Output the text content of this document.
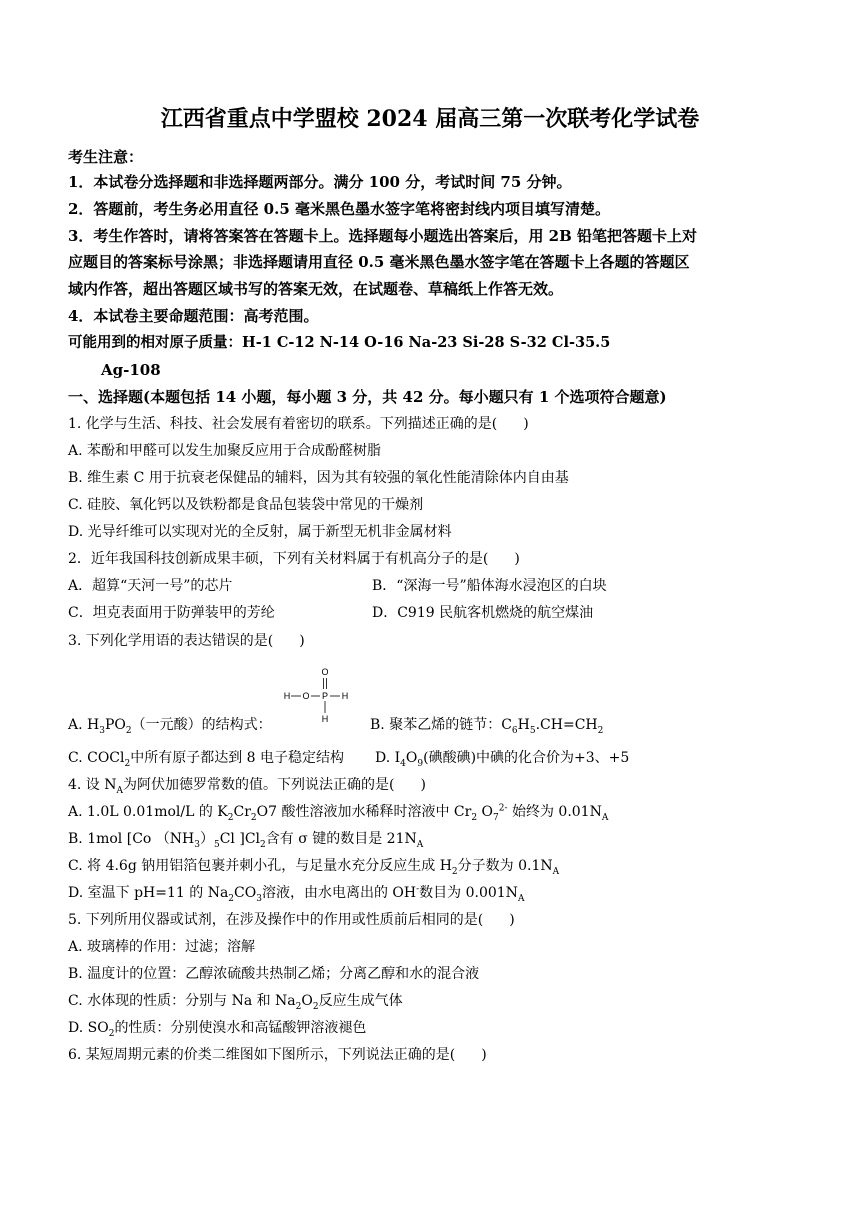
江西省重点中学盟校 2024 届高三第一次联考化学试卷
考生注意：
1．本试卷分选择题和非选择题两部分。满分 100 分，考试时间 75 分钟。
2．答题前，考生务必用直径 0.5 毫米黑色墨水签字笔将密封线内项目填写清楚。
3．考生作答时，请将答案答在答题卡上。选择题每小题选出答案后，用 2B 铅笔把答题卡上对
应题目的答案标号涂黑；非选择题请用直径 0.5 毫米黑色墨水签字笔在答题卡上各题的答题区
域内作答，超出答题区域书写的答案无效，在试题卷、草稿纸上作答无效。
4．本试卷主要命题范围：高考范围。
可能用到的相对原子质量：H-1 C-12 N-14 O-16 Na-23 Si-28 S-32 Cl-35.5
Ag-108
一、选择题(本题包括 14 小题，每小题 3 分，共 42 分。每小题只有 1 个选项符合题意)
1. 化学与生活、科技、社会发展有着密切的联系。下列描述正确的是( )
A. 苯酚和甲醛可以发生加聚反应用于合成酚醛树脂
B. 维生素 C 用于抗衰老保健品的辅料，因为其有较强的氧化性能清除体内自由基
C. 硅胶、氧化钙以及铁粉都是食品包装袋中常见的干燥剂
D. 光导纤维可以实现对光的全反射，属于新型无机非金属材料
2．近年我国科技创新成果丰硕，下列有关材料属于有机高分子的是( )
A．超算“天河一号”的芯片	B．“深海一号”船体海水浸泡区的白块
C．坦克表面用于防弹装甲的芳纶	D．C919 民航客机燃烧的航空煤油
3. 下列化学用语的表达错误的是( )
O
H O P H
H
A. $H_3PO_2$（一元酸）的结构式：	B. 聚苯乙烯的链节：$C_6H_5.CH=CH_2$
C. COCl$_2$中所有原子都达到 8 电子稳定结构 D. $I_4O_9$(碘酸碘)中碘的化合价为+3、+5
4. 设 $N_A$为阿伏加德罗常数的值。下列说法正确的是( )
A. 1.0L 0.01mol/L 的 $K_2Cr_2O7$ 酸性溶液加水稀释时溶液中 $Cr_2$ $O_7^{2-}$ 始终为 $0.01N_A$
B. 1mol [Co $(NH_3)_5Cl$ ]$Cl_2$含有 σ 键的数目是 $21N_A$
C. 将 4.6g 钠用铝箔包裹并刺小孔，与足量水充分反应生成 $H_2$分子数为 $0.1N_A$
D. 室温下 pH=11 的 $Na_2CO_3$溶液，由水电离出的 OH-数目为 $0.001N_A$
5. 下列所用仪器或试剂，在涉及操作中的作用或性质前后相同的是( )
A. 玻璃棒的作用：过滤；溶解
B. 温度计的位置：乙醇浓硫酸共热制乙烯；分离乙醇和水的混合液
C. 水体现的性质：分别与 Na 和 $Na_2O_2$反应生成气体
D. $SO_2$的性质：分别使溴水和高锰酸钾溶液褪色
6. 某短周期元素的价类二维图如下图所示，下列说法正确的是( )
